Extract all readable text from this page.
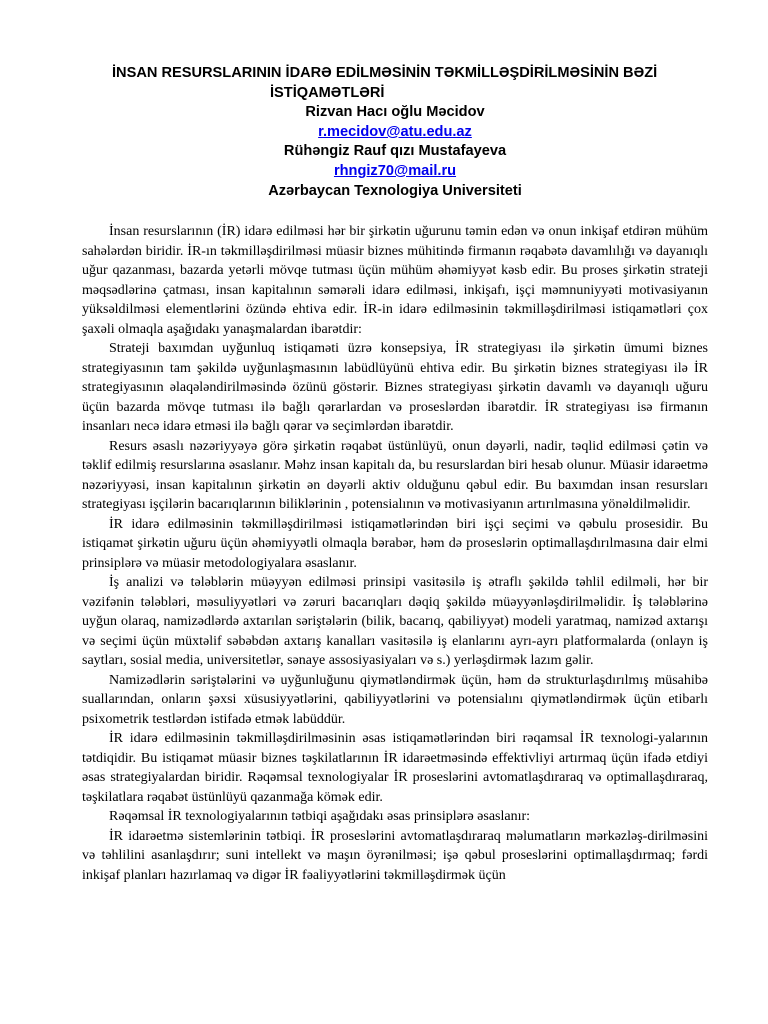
İNSAN RESURSLARININ İDARƏ EDİLMƏSİNİN TƏKMİLLƏŞDİRİLMƏSİNİN BƏZİ
İSTİQAMƏTLƏRİ
Rizvan Hacı oğlu Məcidov
r.mecidov@atu.edu.az
Rühəngiz Rauf qızı Mustafayeva
rhngiz70@mail.ru
Azərbaycan Texnologiya Universiteti

İnsan resurslarının (İR) idarə edilməsi hər bir şirkətin uğurunu təmin edən və onun inkişaf etdirən mühüm sahələrdən biridir. İR-ın təkmilləşdirilməsi müasir biznes mühitində firmanın rəqabətə davamlılığı və dayanıqlı uğur qazanması, bazarda yetərli mövqe tutması üçün mühüm əhəmiyyət kəsb edir. Bu proses şirkətin strateji məqsədlərinə çatması, insan kapitalının səmərəli idarə edilməsi, inkişafı, işçi məmnuniyyəti motivasiyanın yüksəldilməsi elementlərini özündə ehtiva edir. İR-in idarə edilməsinin təkmilləşdirilməsi istiqamətləri çox şaxəli olmaqla aşağıdakı yanaşmalardan ibarətdir:

Strateji baxımdan uyğunluq istiqaməti üzrə konsepsiya, İR strategiyası ilə şirkətin ümumi biznes strategiyasının tam şəkildə uyğunlaşmasının labüdlüyünü ehtiva edir. Bu şirkətin biznes strategiyası ilə İR strategiyasının əlaqələndirilməsində özünü göstərir. Biznes strategiyası şirkətin davamlı və dayanıqlı uğuru üçün bazarda mövqe tutması ilə bağlı qərarlardan və proseslərdən ibarətdir. İR strategiyası isə firmanın insanları necə idarə etməsi ilə bağlı qərar və seçimlərdən ibarətdir.

Resurs əsaslı nəzəriyyəyə görə şirkətin rəqabət üstünlüyü, onun dəyərli, nadir, təqlid edilməsi çətin və təklif edilmiş resurslarına əsaslanır. Məhz insan kapitalı da, bu resurslardan biri hesab olunur. Müasir idarəetmə nəzəriyyəsi, insan kapitalının şirkətin ən dəyərli aktiv olduğunu qəbul edir. Bu baxımdan insan resursları strategiyası işçilərin bacarıqlarının biliklərinin , potensialının və motivasiyanın artırılmasına yönəldilməlidir.

İR idarə edilməsinin təkmilləşdirilməsi istiqamətlərindən biri işçi seçimi və qəbulu prosesidir. Bu istiqamət şirkətin uğuru üçün əhəmiyyətli olmaqla bərabər, həm də proseslərin optimallaşdırılmasına dair elmi prinsiplərə və müasir metodologiyalara əsaslanır.

İş analizi və tələblərin müəyyən edilməsi prinsipi vasitəsilə iş ətraflı şəkildə təhlil edilməli, hər bir vəzifənin tələbləri, məsuliyyətləri və zəruri bacarıqları dəqiq şəkildə müəyyənləşdirilməlidir. İş tələblərinə uyğun olaraq, namizədlərdə axtarılan səriştələrin (bilik, bacarıq, qabiliyyət) modeli yaratmaq, namizəd axtarışı və seçimi üçün müxtəlif səbəbdən axtarış kanalları vasitəsilə iş elanlarını ayrı-ayrı platformalarda (onlayn iş saytları, sosial media, universitetlər, sənaye assosiyasiyaları və s.) yerləşdirmək lazım gəlir.

Namizədlərin səriştələrini və uyğunluğunu qiymətləndirmək üçün, həm də strukturlaşdırılmış müsahibə suallarından, onların şəxsi xüsusiyyətlərini, qabiliyyətlərini və potensialını qiymətləndirmək üçün etibarlı psixometrik testlərdən istifadə etmək labüddür.

İR idarə edilməsinin təkmilləşdirilməsinin əsas istiqamətlərindən biri rəqamsal İR texnologi-yalarının tətdiqidir. Bu istiqamət müasir biznes təşkilatlarının İR idarəetməsində effektivliyi artırmaq üçün ifadə etdiyi əsas strategiyalardan biridir. Rəqəmsal texnologiyalar İR proseslərini avtomatlaşdıraraq və optimallaşdıraraq, təşkilatlara rəqabət üstünlüyü qazanmağa kömək edir.

Rəqəmsal İR texnologiyalarının tətbiqi aşağıdakı əsas prinsiplərə əsaslanır:

İR idarəetmə sistemlərinin tətbiqi. İR proseslərini avtomatlaşdıraraq məlumatların mərkəzləş-dirilməsini və təhlilini asanlaşdırır; suni intellekt və maşın öyrənilməsi; işə qəbul proseslərini optimallaşdırmaq; fərdi inkişaf planları hazırlamaq və digər İR fəaliyyətlərini təkmilləşdirmək üçün
